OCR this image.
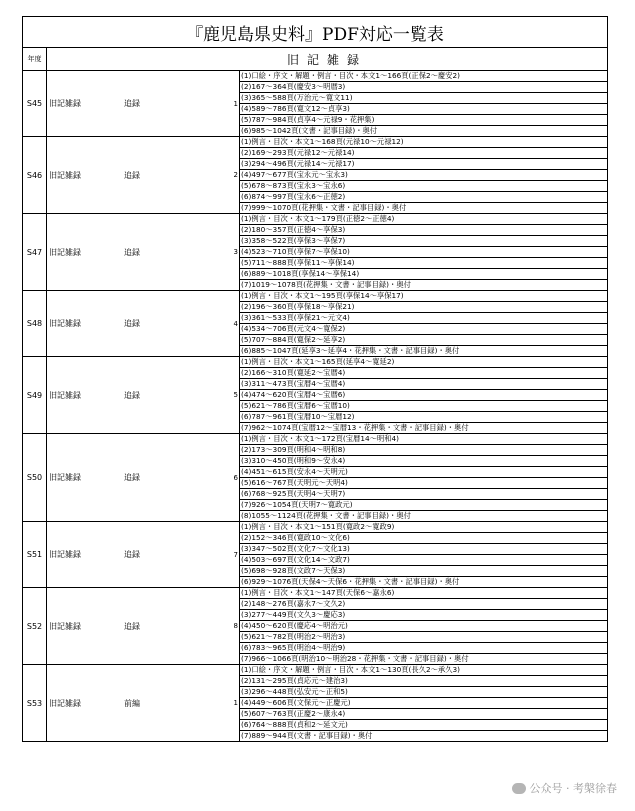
『鹿児島県史料』PDF対応一覧表
年度	旧記雑録
S45 旧記雑録	追録	1
(1)口絵・序文・解題・例言・目次・本文1～166頁(正保2～慶安2)
(2)167～364頁(慶安3～明暦3)
(3)365～588頁(万治元～寛文11)
(4)589～786頁(寛文12～貞享3)
(5)787～984頁(貞享4～元禄9・花押集)
(6)985～1042頁(文書・記事目録)・奥付
S46 旧記雑録	追録	2
(1)例言・目次・本文1～168頁(元禄10～元禄12)
(2)169～293頁(元禄12～元禄14)
(3)294～496頁(元禄14～元禄17)
(4)497～677頁(宝永元～宝永3)
(5)678～873頁(宝永3～宝永6)
(6)874～997頁(宝永6～正徳2)
(7)999～1070頁(花押集・文書・記事目録)・奥付
S47 旧記雑録	追録	3
(1)例言・目次・本文1～179頁(正徳2～正徳4)
(2)180～357頁(正徳4～享保3)
(3)358～522頁(享保3～享保7)
(4)523～710頁(享保7～享保10)
(5)711～888頁(享保11～享保14)
(6)889～1018頁(享保14～享保14)
(7)1019～1078頁(花押集・文書・記事目録)・奥付
S48 旧記雑録	追録	4
(1)例言・目次・本文1～195頁(享保14～享保17)
(2)196～360頁(享保18～享保21)
(3)361～533頁(享保21～元文4)
(4)534～706頁(元文4～寛保2)
(5)707～884頁(寛保2～延享2)
(6)885～1047頁(延享3～延享4・花押集・文書・記事目録)・奥付
S49 旧記雑録	追録	5
(1)例言・目次・本文1～165頁(延享4～寛延2)
(2)166～310頁(寛延2～宝暦4)
(3)311～473頁(宝暦4～宝暦4)
(4)474～620頁(宝暦4～宝暦6)
(5)621～786頁(宝暦6～宝暦10)
(6)787～961頁(宝暦10～宝暦12)
(7)962～1074頁(宝暦12～宝暦13・花押集・文書・記事目録)・奥付
S50 旧記雑録	追録	6
(1)例言・目次・本文1～172頁(宝暦14～明和4)
(2)173～309頁(明和4～明和8)
(3)310～450頁(明和9～安永4)
(4)451～615頁(安永4～天明元)
(5)616～767頁(天明元～天明4)
(6)768～925頁(天明4～天明7)
(7)926～1054頁(天明7～寛政元)
(8)1055～1124頁(花押集・文書・記事目録)・奥付
S51 旧記雑録	追録	7
(1)例言・目次・本文1～151頁(寛政2～寛政9)
(2)152～346頁(寛政10～文化6)
(3)347～502頁(文化7～文化13)
(4)503～697頁(文化14～文政7)
(5)698～928頁(文政7～天保3)
(6)929～1076頁(天保4～天保6・花押集・文書・記事目録)・奥付
S52 旧記雑録	追録	8
(1)例言・目次・本文1～147頁(天保6～嘉永6)
(2)148～276頁(嘉永7～文久2)
(3)277～449頁(文久3～慶応3)
(4)450～620頁(慶応4～明治元)
(5)621～782頁(明治2～明治3)
(6)783～965頁(明治4～明治9)
(7)966～1066頁(明治10～明治28・花押集・文書・記事目録)・奥付
S53 旧記雑録	前編	1
(1)口絵・序文・解題・例言・目次・本文1～130頁(長久2～承久3)
(2)131～295頁(貞応元～建治3)
(3)296～448頁(弘安元～正和5)
(4)449～606頁(文保元～正慶元)
(5)607～763頁(正慶2～康永4)
(6)764～888頁(貞和2～延文元)
(7)889～944頁(文書・記事目録)・奥付
公众号 · 考槃徐春
